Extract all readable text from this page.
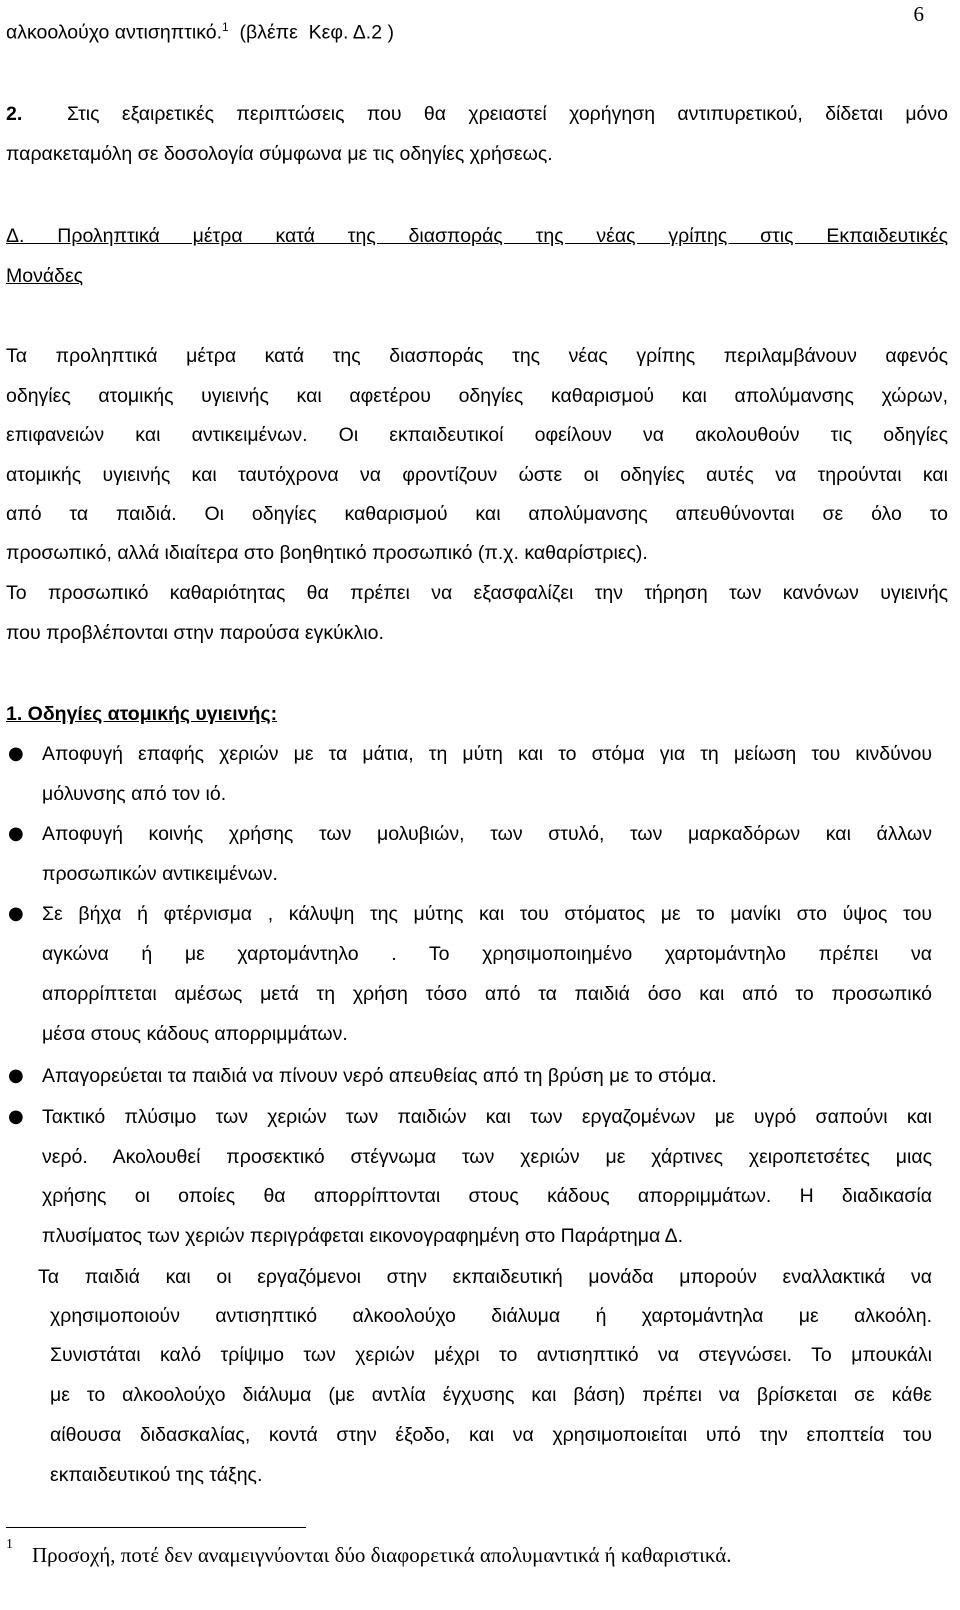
6
αλκοολούχο αντισηπτικό.$^1$  (βλέπε  Κεφ. Δ.2 )
2. Στις εξαιρετικές περιπτώσεις που θα χρειαστεί χορήγηση αντιπυρετικού, δίδεται μόνο
παρακεταμόλη σε δοσολογία σύμφωνα με τις οδηγίες χρήσεως.
Δ. Προληπτικά μέτρα κατά της διασποράς της νέας γρίπης στις Εκπαιδευτικές
Μονάδες
Τα προληπτικά μέτρα κατά της διασποράς της νέας γρίπης περιλαμβάνουν αφενός
οδηγίες ατομικής υγιεινής και αφετέρου οδηγίες καθαρισμού και απολύμανσης χώρων,
επιφανειών και αντικειμένων. Οι εκπαιδευτικοί οφείλουν να ακολουθούν τις οδηγίες
ατομικής υγιεινής και ταυτόχρονα να φροντίζουν ώστε οι οδηγίες αυτές να τηρούνται και
από τα παιδιά. Οι οδηγίες καθαρισμού και απολύμανσης απευθύνονται σε όλο το
προσωπικό, αλλά ιδιαίτερα στο βοηθητικό προσωπικό (π.χ. καθαρίστριες).
Το προσωπικό καθαριότητας θα πρέπει να εξασφαλίζει την τήρηση των κανόνων υγιεινής
που προβλέπονται στην παρούσα εγκύκλιο.
1. Οδηγίες ατομικής υγιεινής:
● Αποφυγή επαφής χεριών με τα μάτια, τη μύτη και το στόμα για τη μείωση του κινδύνου
μόλυνσης από τον ιό.
● Αποφυγή κοινής χρήσης των μολυβιών, των στυλό, των μαρκαδόρων και άλλων
προσωπικών αντικειμένων.
● Σε βήχα ή φτέρνισμα , κάλυψη της μύτης και του στόματος με το μανίκι στο ύψος του
αγκώνα ή με χαρτομάντηλο . Το χρησιμοποιημένο χαρτομάντηλο πρέπει να
απορρίπτεται αμέσως μετά τη χρήση τόσο από τα παιδιά όσο και από το προσωπικό
μέσα στους κάδους απορριμμάτων.
● Απαγορεύεται τα παιδιά να πίνουν νερό απευθείας από τη βρύση με το στόμα.
● Τακτικό πλύσιμο των χεριών των παιδιών και των εργαζομένων με υγρό σαπούνι και
νερό. Ακολουθεί προσεκτικό στέγνωμα των χεριών με χάρτινες χειροπετσέτες μιας
χρήσης οι οποίες θα απορρίπτονται στους κάδους απορριμμάτων. Η διαδικασία
πλυσίματος των χεριών περιγράφεται εικονογραφημένη στο Παράρτημα Δ.
Τα παιδιά και οι εργαζόμενοι στην εκπαιδευτική μονάδα μπορούν εναλλακτικά να
χρησιμοποιούν αντισηπτικό αλκοολούχο διάλυμα ή χαρτομάντηλα με αλκοόλη.
Συνιστάται καλό τρίψιμο των χεριών μέχρι το αντισηπτικό να στεγνώσει. Το μπουκάλι
με το αλκοολούχο διάλυμα (με αντλία έγχυσης και βάση) πρέπει να βρίσκεται σε κάθε
αίθουσα διδασκαλίας, κοντά στην έξοδο, και να χρησιμοποιείται υπό την εποπτεία του
εκπαιδευτικού της τάξης.
1 Προσοχή, ποτέ δεν αναμειγνύονται δύο διαφορετικά απολυμαντικά ή καθαριστικά.
